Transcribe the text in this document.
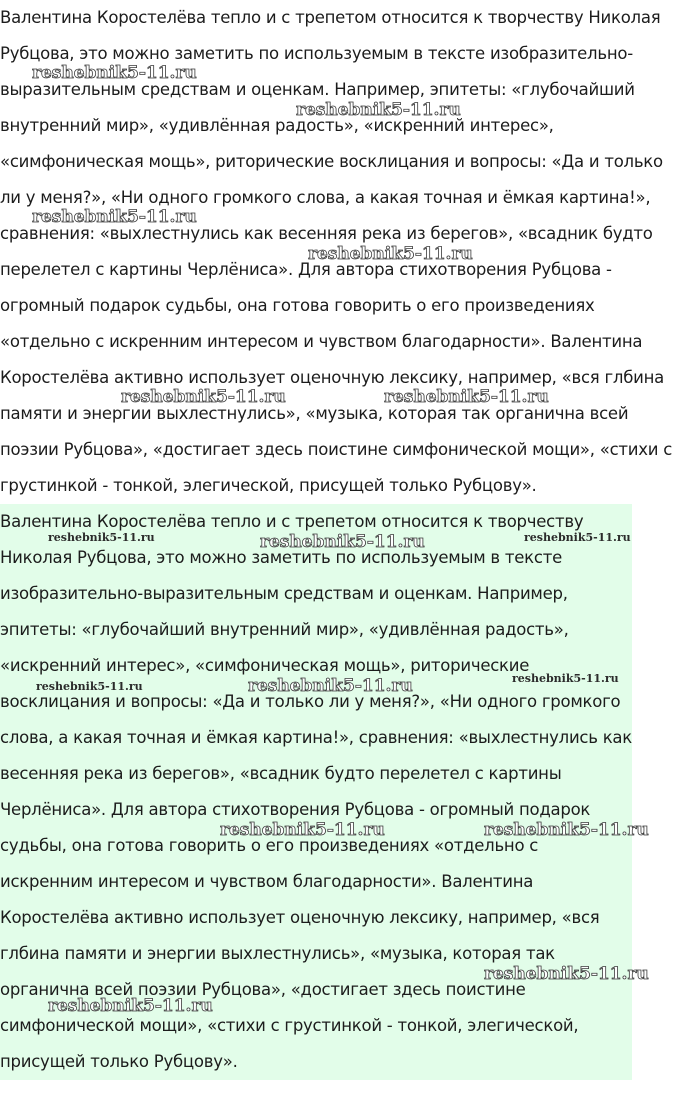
Валентина Коростелёва тепло и с трепетом относится к творчеству Николая
Рубцова, это можно заметить по используемым в тексте изобразительно-
выразительным средствам и оценкам. Например, эпитеты: «глубочайший
внутренний мир», «удивлённая радость», «искренний интерес»,
«симфоническая мощь», риторические восклицания и вопросы: «Да и только
ли у меня?», «Ни одного громкого слова, а какая точная и ёмкая картина!»,
сравнения: «выхлестнулись как весенняя река из берегов», «всадник будто
перелетел с картины Черлёниса». Для автора стихотворения Рубцова -
огромный подарок судьбы, она готова говорить о его произведениях
«отдельно с искренним интересом и чувством благодарности». Валентина
Коростелёва активно использует оценочную лексику, например, «вся глбина
памяти и энергии выхлестнулись», «музыка, которая так органична всей
поэзии Рубцова», «достигает здесь поистине симфонической мощи», «стихи с
грустинкой - тонкой, элегической, присущей только Рубцову».

Валентина Коростелёва тепло и с трепетом относится к творчеству
Николая Рубцова, это можно заметить по используемым в тексте
изобразительно-выразительным средствам и оценкам. Например,
эпитеты: «глубочайший внутренний мир», «удивлённая радость»,
«искренний интерес», «симфоническая мощь», риторические
восклицания и вопросы: «Да и только ли у меня?», «Ни одного громкого
слова, а какая точная и ёмкая картина!», сравнения: «выхлестнулись как
весенняя река из берегов», «всадник будто перелетел с картины
Черлёниса». Для автора стихотворения Рубцова - огромный подарок
судьбы, она готова говорить о его произведениях «отдельно с
искренним интересом и чувством благодарности». Валентина
Коростелёва активно использует оценочную лексику, например, «вся
глбина памяти и энергии выхлестнулись», «музыка, которая так
органична всей поэзии Рубцова», «достигает здесь поистине
симфонической мощи», «стихи с грустинкой - тонкой, элегической,
присущей только Рубцову».

reshebnik5-11.ru
reshebnik5-11.ru
reshebnik5-11.ru
reshebnik5-11.ru
reshebnik5-11.ru	reshebnik5-11.ru
reshebnik5-11.ru	reshebnik5-11.ru	reshebnik5-11.ru
reshebnik5-11.ru	reshebnik5-11.ru	reshebnik5-11.ru
reshebnik5-11.ru	reshebnik5-11.ru
reshebnik5-11.ru
reshebnik5-11.ru
